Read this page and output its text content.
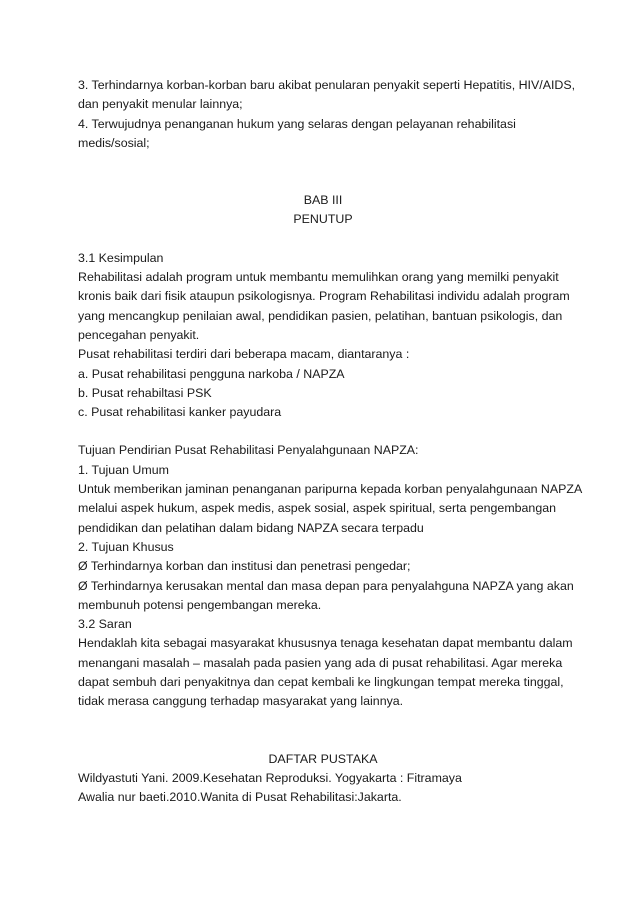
3. Terhindarnya korban-korban baru akibat penularan penyakit seperti Hepatitis, HIV/AIDS,
dan penyakit menular lainnya;
4. Terwujudnya penanganan hukum yang selaras dengan pelayanan rehabilitasi
medis/sosial;
BAB III
PENUTUP
3.1 Kesimpulan
Rehabilitasi adalah program untuk membantu memulihkan orang yang memilki penyakit
kronis baik dari fisik ataupun psikologisnya. Program Rehabilitasi individu adalah program
yang mencangkup penilaian awal, pendidikan pasien, pelatihan, bantuan psikologis, dan
pencegahan penyakit.
Pusat rehabilitasi terdiri dari beberapa macam, diantaranya :
a. Pusat rehabilitasi pengguna narkoba / NAPZA
b. Pusat rehabiltasi PSK
c. Pusat rehabilitasi kanker payudara
Tujuan Pendirian Pusat Rehabilitasi Penyalahgunaan NAPZA:
1. Tujuan Umum
Untuk memberikan jaminan penanganan paripurna kepada korban penyalahgunaan NAPZA
melalui aspek hukum, aspek medis, aspek sosial, aspek spiritual, serta pengembangan
pendidikan dan pelatihan dalam bidang NAPZA secara terpadu
2. Tujuan Khusus
Ø Terhindarnya korban dan institusi dan penetrasi pengedar;
Ø Terhindarnya kerusakan mental dan masa depan para penyalahguna NAPZA yang akan
membunuh potensi pengembangan mereka.
3.2 Saran
Hendaklah kita sebagai masyarakat khususnya tenaga kesehatan dapat membantu dalam
menangani masalah – masalah pada pasien yang ada di pusat rehabilitasi. Agar mereka
dapat sembuh dari penyakitnya dan cepat kembali ke lingkungan tempat mereka tinggal,
tidak merasa canggung terhadap masyarakat yang lainnya.
DAFTAR PUSTAKA
Wildyastuti Yani. 2009.Kesehatan Reproduksi. Yogyakarta : Fitramaya
Awalia nur baeti.2010.Wanita di Pusat Rehabilitasi:Jakarta.
